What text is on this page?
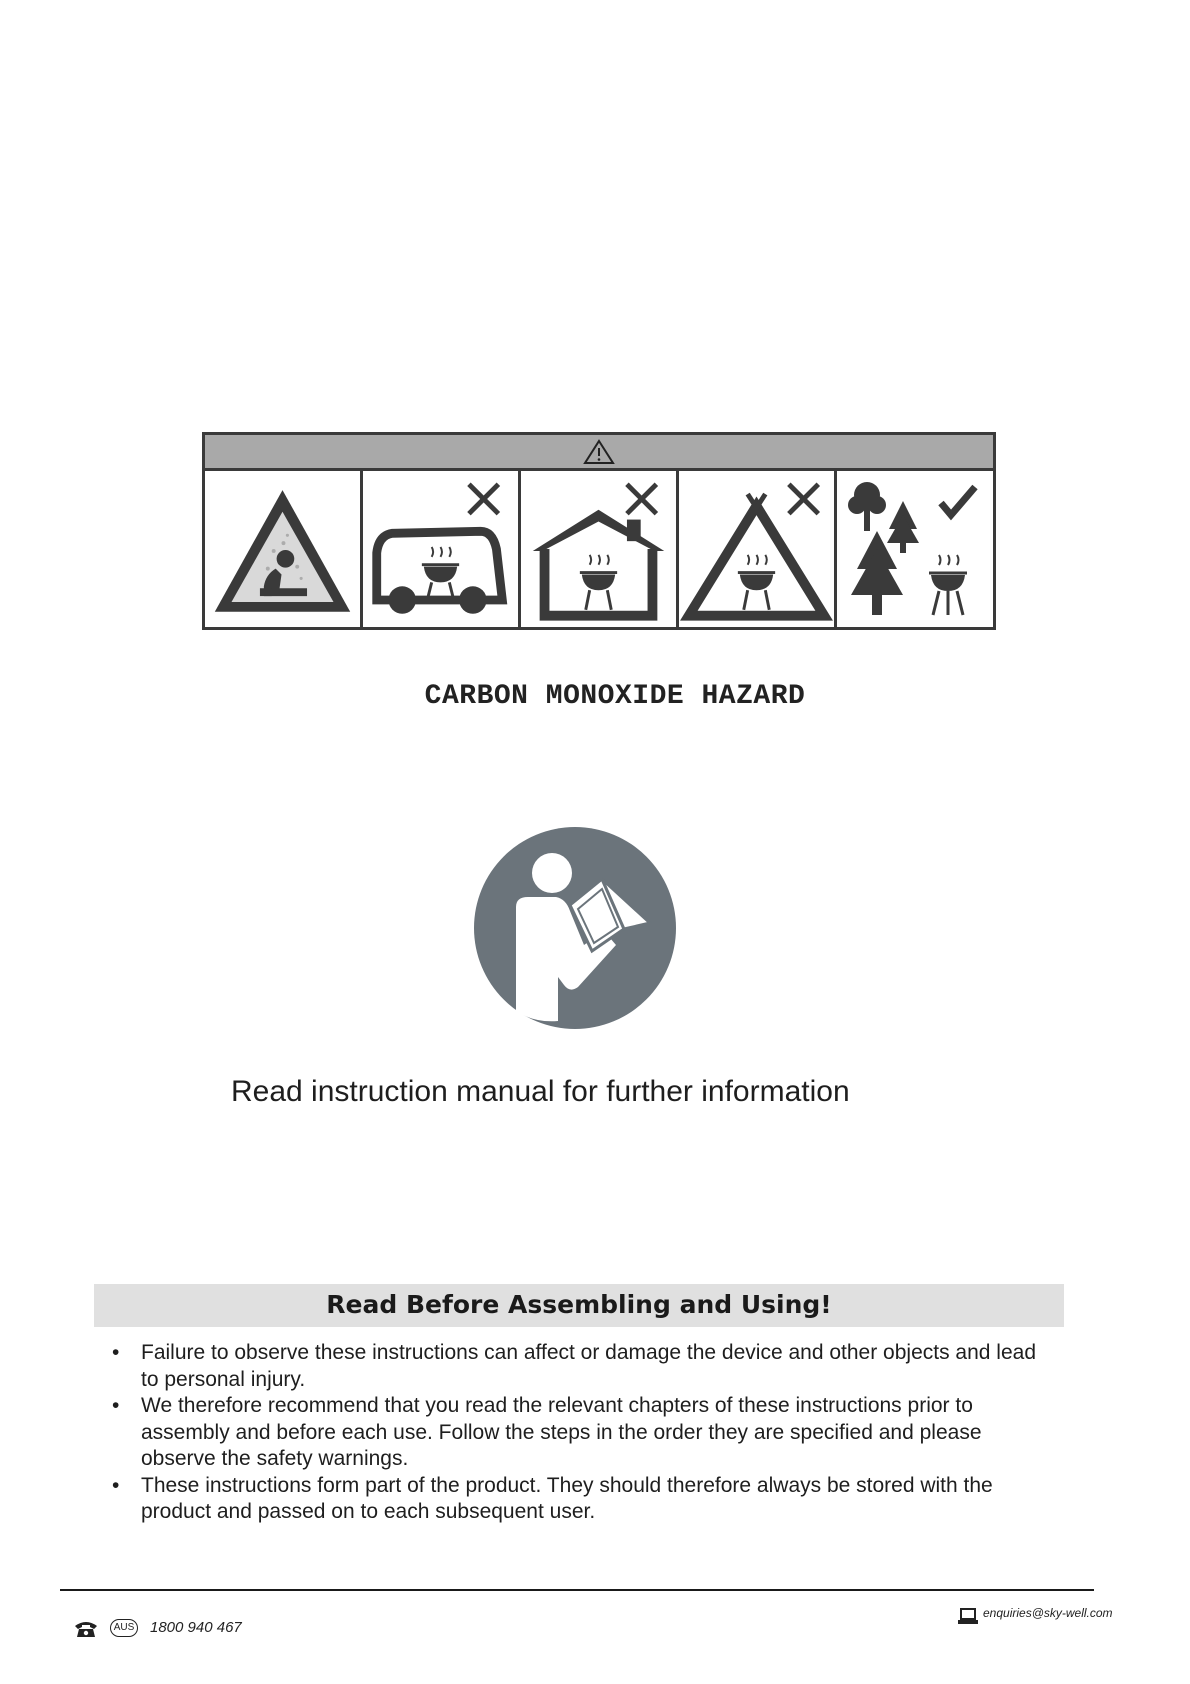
CARBON MONOXIDE HAZARD
Read instruction manual for further information
Read Before Assembling and Using!
• Failure to observe these instructions can affect or damage the device and other objects and lead to personal injury.
• We therefore recommend that you read the relevant chapters of these instructions prior to assembly and before each use. Follow the steps in the order they are specified and please observe the safety warnings.
• These instructions form part of the product. They should therefore always be stored with the product and passed on to each subsequent user.
enquiries@sky-well.com
AUS 1800 940 467
